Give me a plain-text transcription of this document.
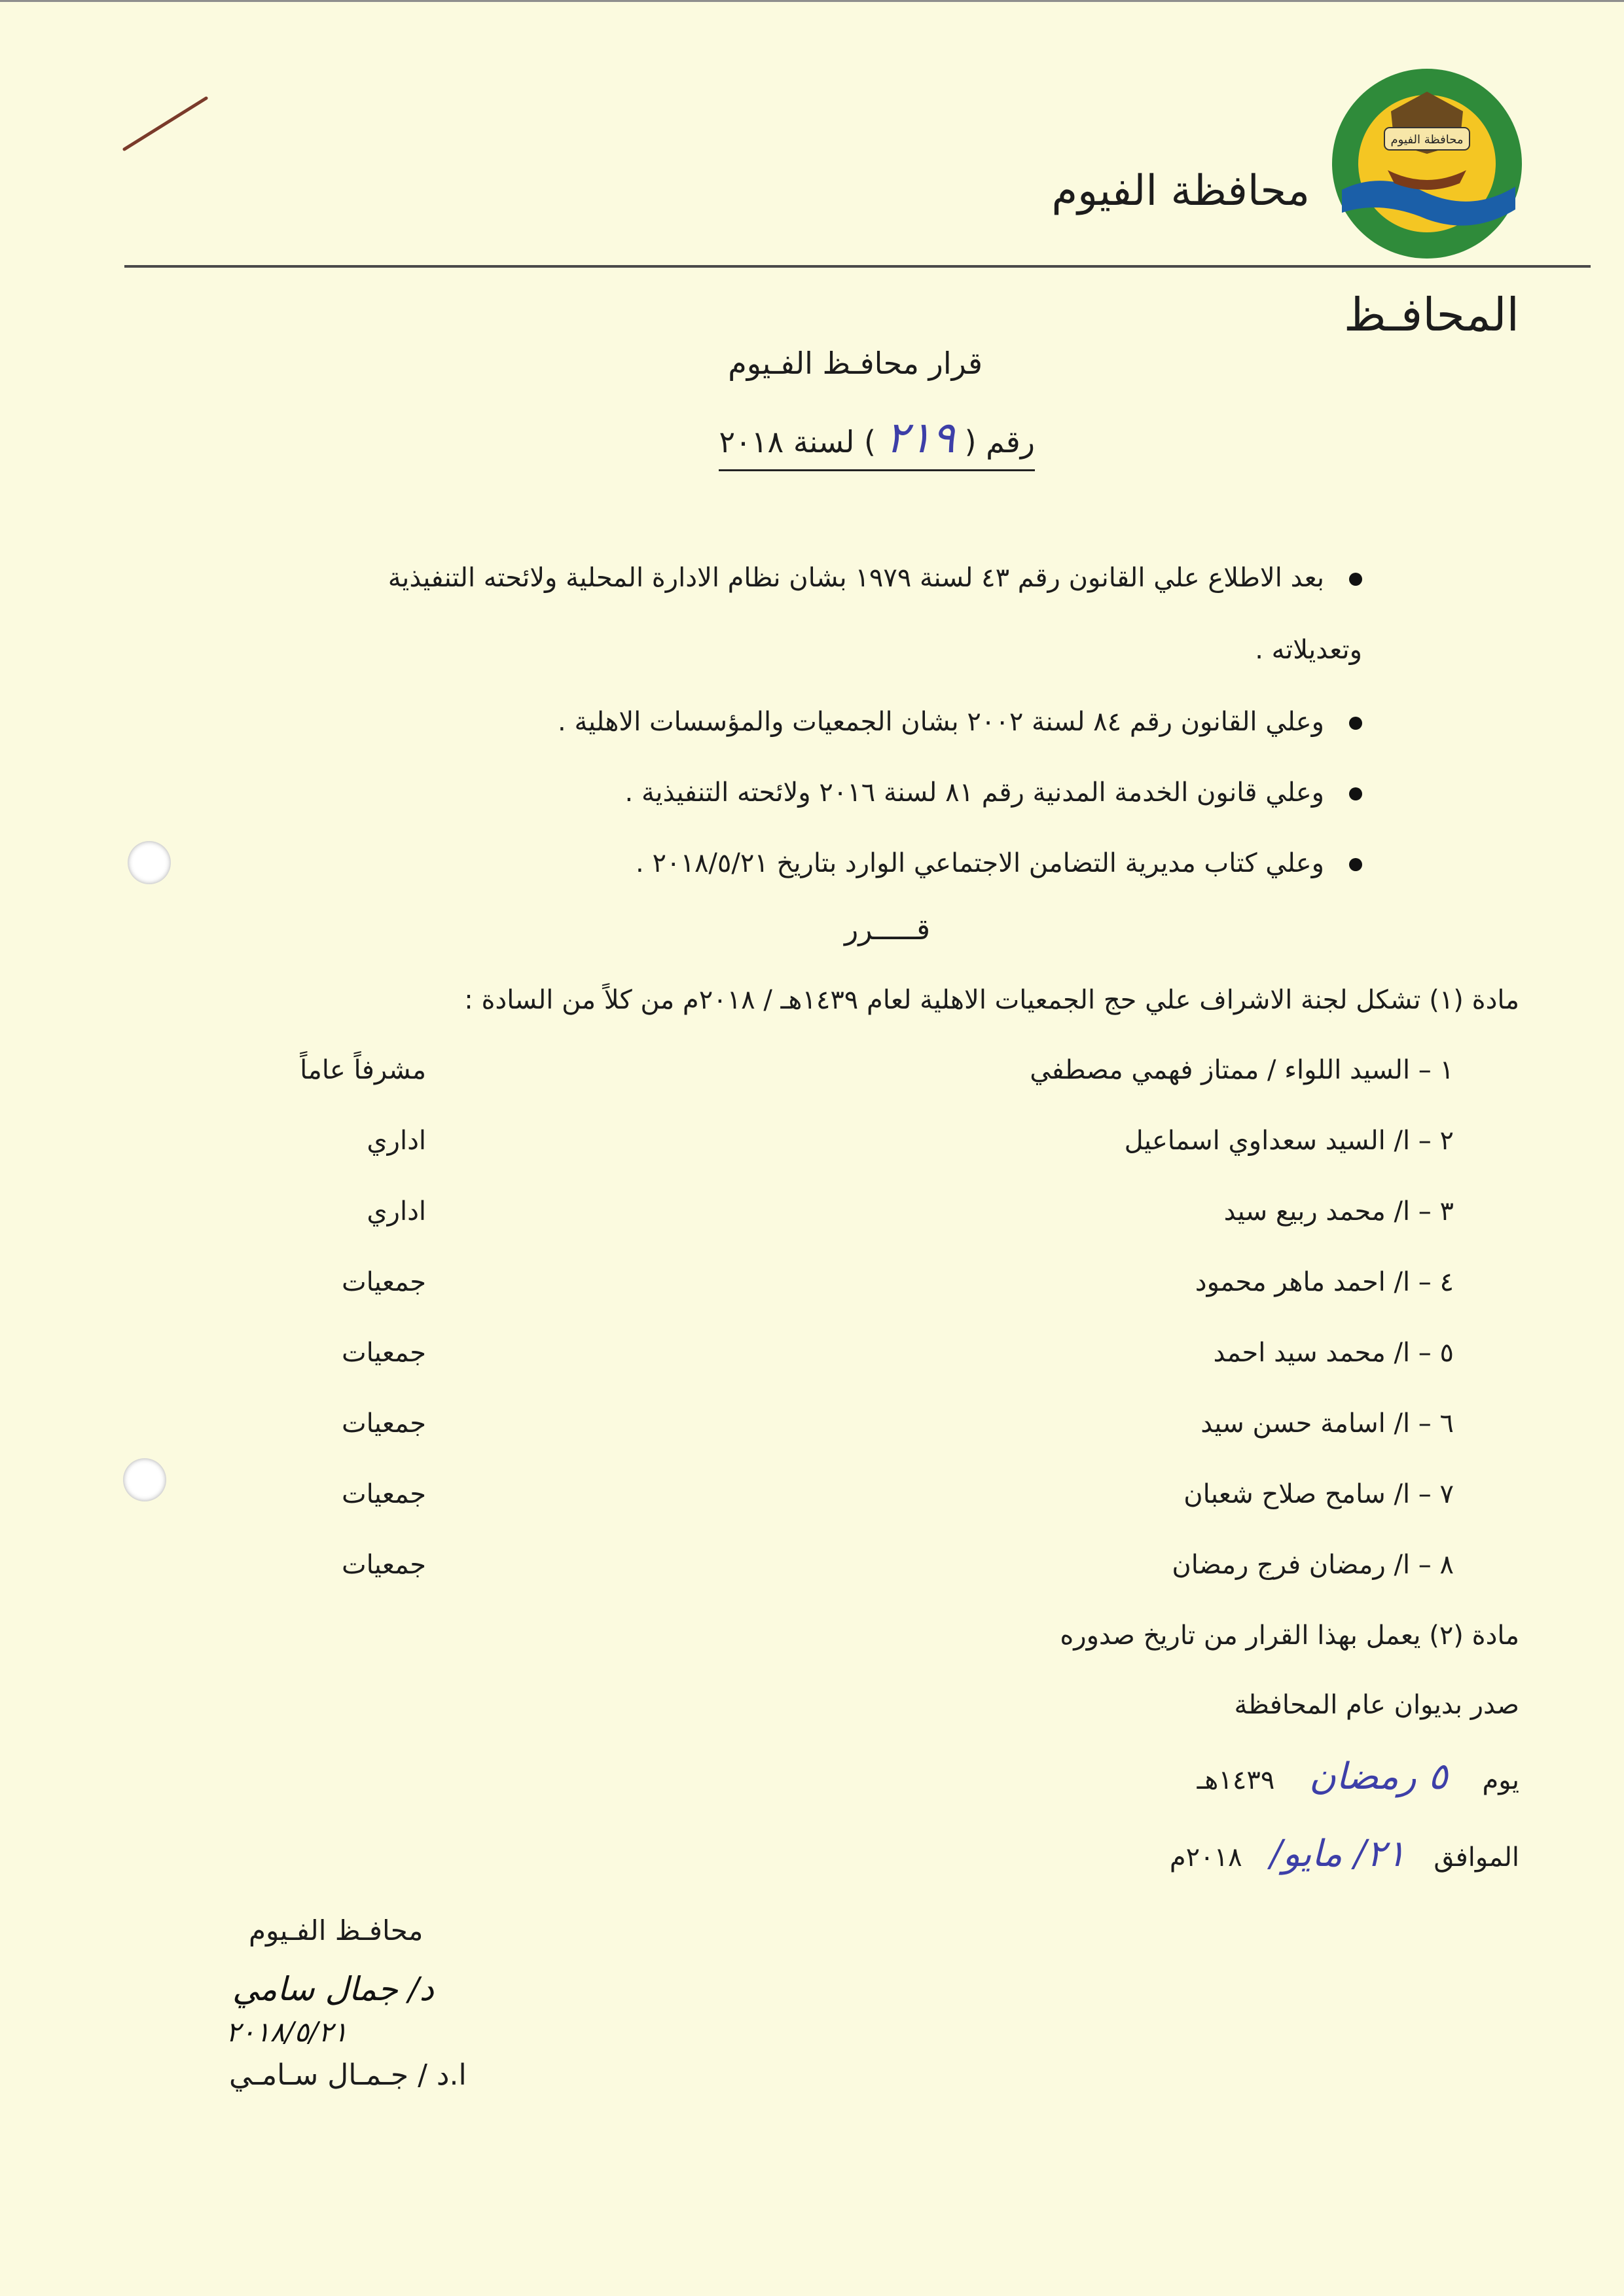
محافظة الفيوم
محافظة الفيوم
المحافـظ
قرار محافـظ الفـيوم
رقم ( ٢١٩ ) لسنة ٢٠١٨
بعد الاطلاع علي القانون رقم ٤٣ لسنة ١٩٧٩ بشان نظام الادارة المحلية ولائحته التنفيذية
وتعديلاته .
وعلي القانون رقم ٨٤ لسنة ٢٠٠٢ بشان الجمعيات والمؤسسات الاهلية .
وعلي قانون الخدمة المدنية رقم ٨١ لسنة ٢٠١٦ ولائحته التنفيذية .
وعلي كتاب مديرية التضامن الاجتماعي الوارد بتاريخ ٢٠١٨/٥/٢١ .
قـــــرر
مادة (١) تشكل لجنة الاشراف علي حج الجمعيات الاهلية لعام ١٤٣٩هـ / ٢٠١٨م من كلاً من السادة :
١ – السيد اللواء / ممتاز فهمي مصطفي
مشرفاً عاماً
٢ – ا/ السيد سعداوي اسماعيل
اداري
٣ – ا/ محمد ربيع سيد
اداري
٤ – ا/ احمد ماهر محمود
جمعيات
٥ – ا/ محمد سيد احمد
جمعيات
٦ – ا/ اسامة حسن سيد
جمعيات
٧ – ا/ سامح صلاح شعبان
جمعيات
٨ – ا/ رمضان فرج رمضان
جمعيات
مادة (٢) يعمل بهذا القرار من تاريخ صدوره
صدر بديوان عام المحافظة
يوم ٥ رمضان ١٤٣٩هـ
الموافق ٢١/ مايو/ ٢٠١٨م
محافـظ الفـيوم
د/ جمال سامي
٢٠١٨/٥/٢١
ا.د / جـمـال سـامـي
